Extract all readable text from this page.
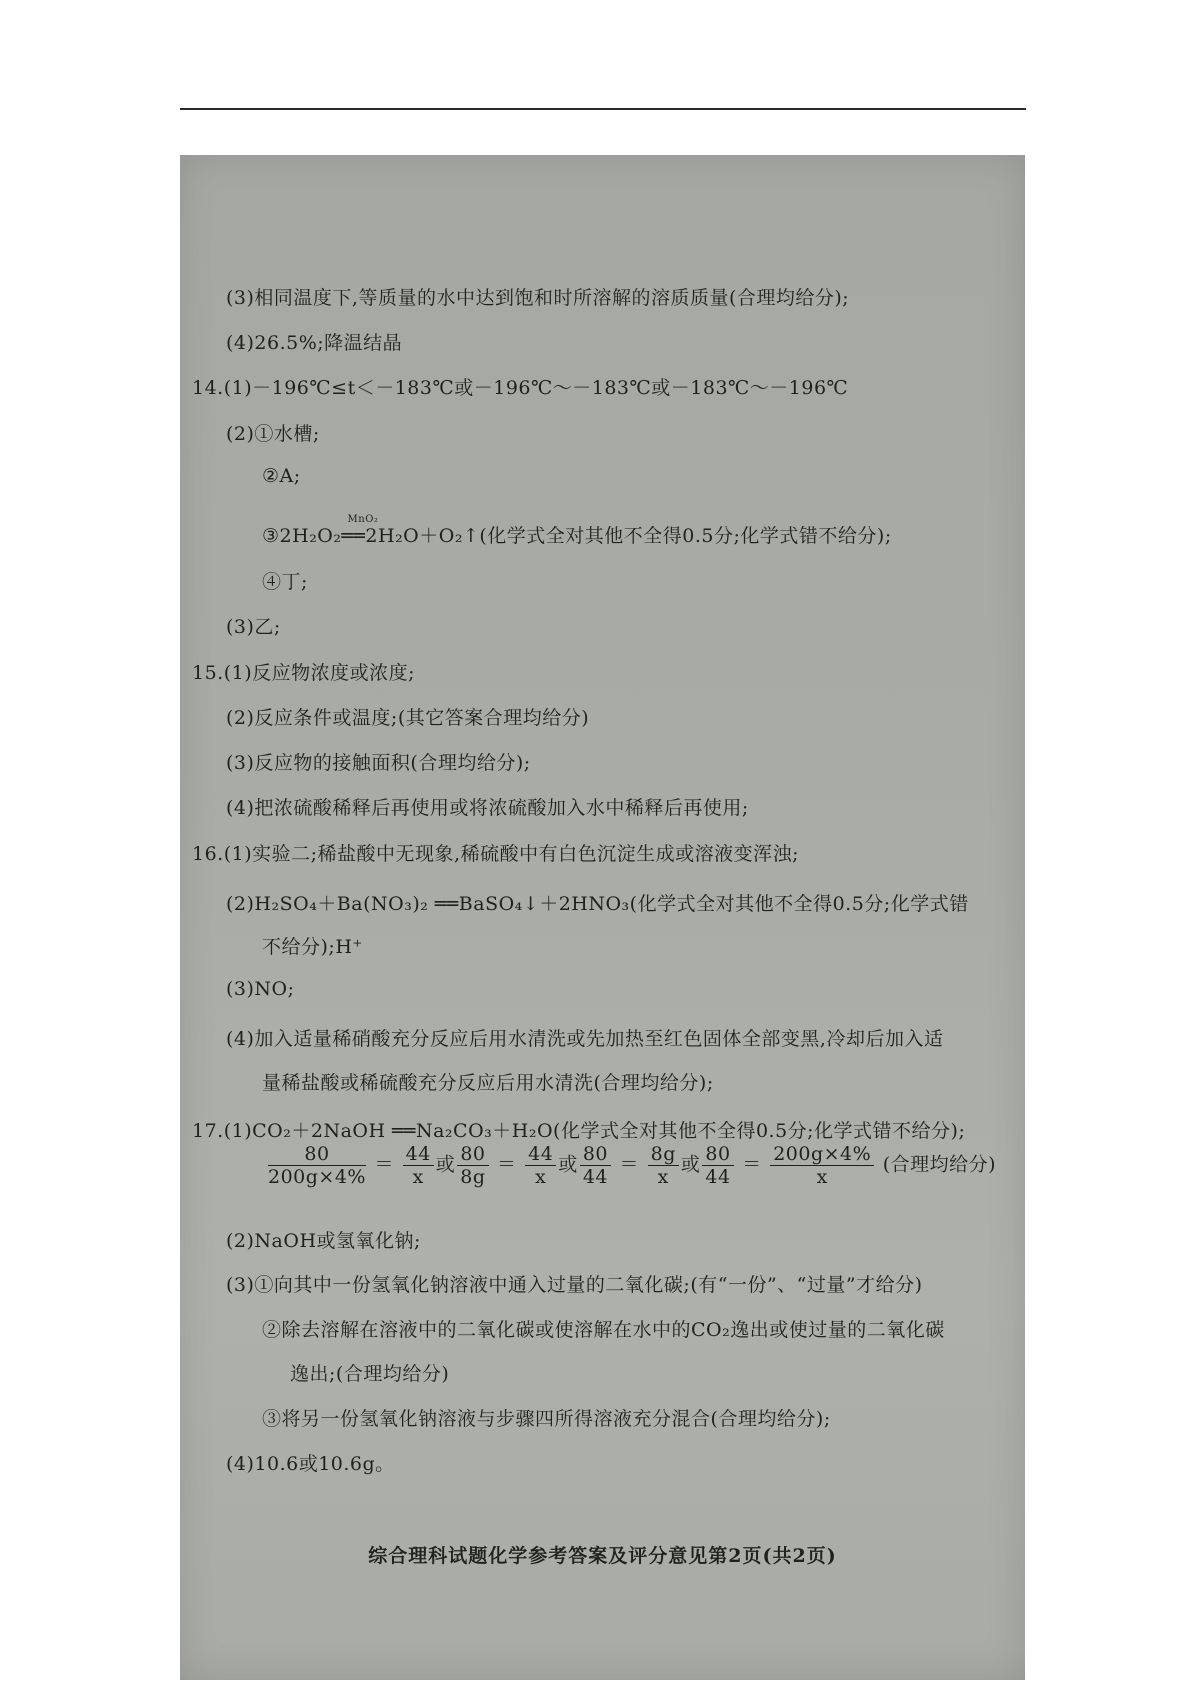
(3)相同温度下,等质量的水中达到饱和时所溶解的溶质质量(合理均给分);
(4)26.5%;降温结晶
14.(1)－196℃≤t＜－183℃或－196℃～－183℃或－183℃～－196℃
(2)①水槽;
②A;
③2H₂O₂
MnO₂
══2H₂O＋O₂↑(化学式全对其他不全得0.5分;化学式错不给分);
④丁;
(3)乙;
15.(1)反应物浓度或浓度;
(2)反应条件或温度;(其它答案合理均给分)
(3)反应物的接触面积(合理均给分);
(4)把浓硫酸稀释后再使用或将浓硫酸加入水中稀释后再使用;
16.(1)实验二;稀盐酸中无现象,稀硫酸中有白色沉淀生成或溶液变浑浊;
(2)H₂SO₄＋Ba(NO₃)₂ ══BaSO₄↓＋2HNO₃(化学式全对其他不全得0.5分;化学式错
不给分);H⁺
(3)NO;
(4)加入适量稀硝酸充分反应后用水清洗或先加热至红色固体全部变黑,冷却后加入适
量稀盐酸或稀硫酸充分反应后用水清洗(合理均给分);
17.(1)CO₂＋2NaOH ══Na₂CO₃＋H₂O(化学式全对其他不全得0.5分;化学式错不给分);
$\frac{80}{200g\times 4\%} = \frac{44}{x}$ 或 $\frac{80}{8g} = \frac{44}{x}$ 或 $\frac{80}{44} = \frac{8g}{x}$ 或 $\frac{80}{44} = \frac{200g\times 4\%}{x}$ (合理均给分)
(2)NaOH或氢氧化钠;
(3)①向其中一份氢氧化钠溶液中通入过量的二氧化碳;(有“一份”、“过量”才给分)
②除去溶解在溶液中的二氧化碳或使溶解在水中的CO₂逸出或使过量的二氧化碳
逸出;(合理均给分)
③将另一份氢氧化钠溶液与步骤四所得溶液充分混合(合理均给分);
(4)10.6或10.6g。
综合理科试题化学参考答案及评分意见第2页(共2页)
